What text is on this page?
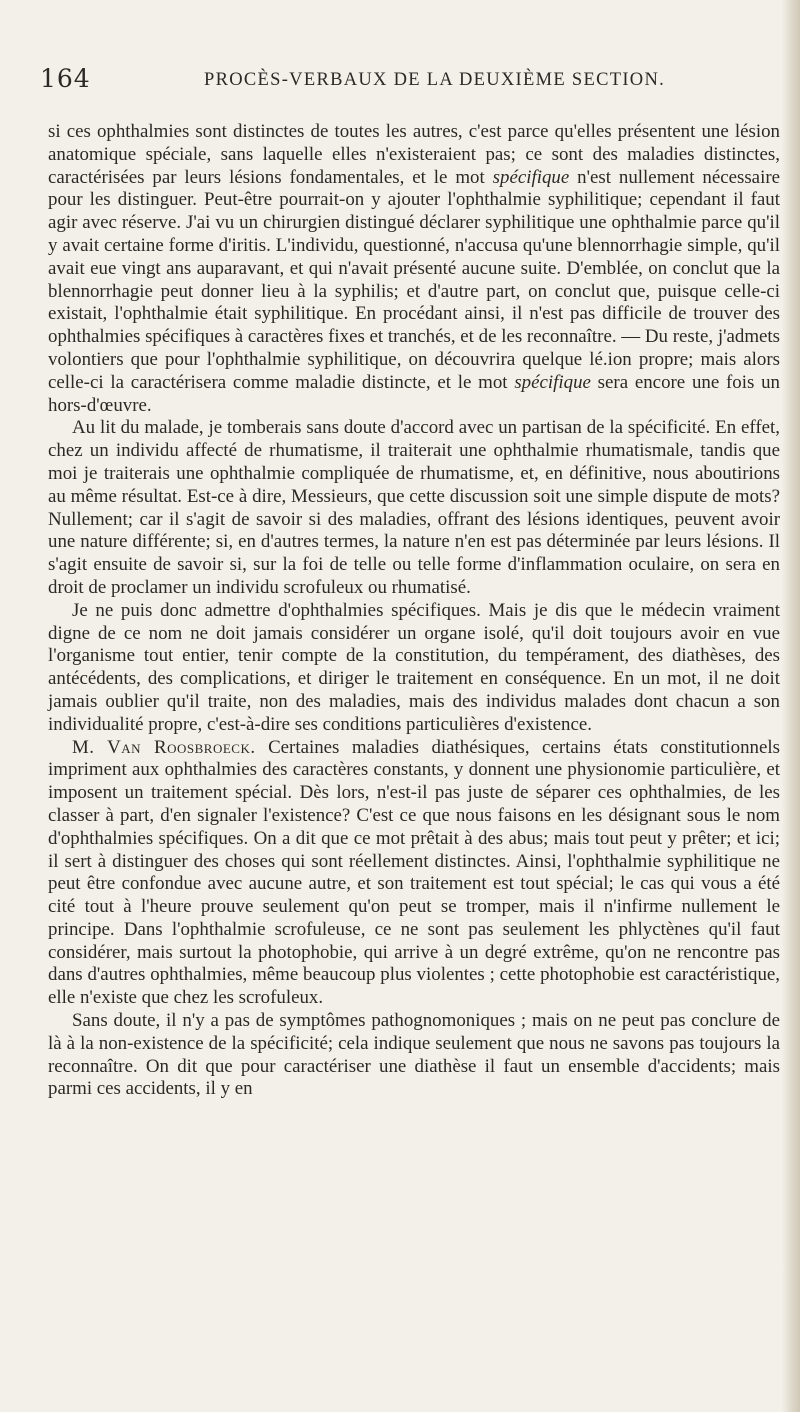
164	PROCÈS-VERBAUX DE LA DEUXIÈME SECTION.

si ces ophthalmies sont distinctes de toutes les autres, c'est parce qu'elles présentent une lésion anatomique spéciale, sans laquelle elles n'existeraient pas; ce sont des maladies distinctes, caractérisées par leurs lésions fondamentales, et le mot spécifique n'est nullement nécessaire pour les distinguer. Peut-être pourrait-on y ajouter l'ophthalmie syphilitique; cependant il faut agir avec réserve. J'ai vu un chirurgien distingué déclarer syphilitique une ophthalmie parce qu'il y avait certaine forme d'iritis. L'individu, questionné, n'accusa qu'une blennorrhagie simple, qu'il avait eue vingt ans auparavant, et qui n'avait présenté aucune suite. D'emblée, on conclut que la blennorrhagie peut donner lieu à la syphilis; et d'autre part, on conclut que, puisque celle-ci existait, l'ophthalmie était syphilitique. En procédant ainsi, il n'est pas difficile de trouver des ophthalmies spécifiques à caractères fixes et tranchés, et de les reconnaître. — Du reste, j'admets volontiers que pour l'ophthalmie syphilitique, on découvrira quelque lé.ion propre; mais alors celle-ci la caractérisera comme maladie distincte, et le mot spécifique sera encore une fois un hors-d'œuvre.

Au lit du malade, je tomberais sans doute d'accord avec un partisan de la spécificité. En effet, chez un individu affecté de rhumatisme, il traiterait une ophthalmie rhumatismale, tandis que moi je traiterais une ophthalmie compliquée de rhumatisme, et, en définitive, nous aboutirions au même résultat. Est-ce à dire, Messieurs, que cette discussion soit une simple dispute de mots? Nullement; car il s'agit de savoir si des maladies, offrant des lésions identiques, peuvent avoir une nature différente; si, en d'autres termes, la nature n'en est pas déterminée par leurs lésions. Il s'agit ensuite de savoir si, sur la foi de telle ou telle forme d'inflammation oculaire, on sera en droit de proclamer un individu scrofuleux ou rhumatisé.

Je ne puis donc admettre d'ophthalmies spécifiques. Mais je dis que le médecin vraiment digne de ce nom ne doit jamais considérer un organe isolé, qu'il doit toujours avoir en vue l'organisme tout entier, tenir compte de la constitution, du tempérament, des diathèses, des antécédents, des complications, et diriger le traitement en conséquence. En un mot, il ne doit jamais oublier qu'il traite, non des maladies, mais des individus malades dont chacun a son individualité propre, c'est-à-dire ses conditions particulières d'existence.

M. Van Roosbroeck. Certaines maladies diathésiques, certains états constitutionnels impriment aux ophthalmies des caractères constants, y donnent une physionomie particulière, et imposent un traitement spécial. Dès lors, n'est-il pas juste de séparer ces ophthalmies, de les classer à part, d'en signaler l'existence? C'est ce que nous faisons en les désignant sous le nom d'ophthalmies spécifiques. On a dit que ce mot prêtait à des abus; mais tout peut y prêter; et ici; il sert à distinguer des choses qui sont réellement distinctes. Ainsi, l'ophthalmie syphilitique ne peut être confondue avec aucune autre, et son traitement est tout spécial; le cas qui vous a été cité tout à l'heure prouve seulement qu'on peut se tromper, mais il n'infirme nullement le principe. Dans l'ophthalmie scrofuleuse, ce ne sont pas seulement les phlyctènes qu'il faut considérer, mais surtout la photophobie, qui arrive à un degré extrême, qu'on ne rencontre pas dans d'autres ophthalmies, même beaucoup plus violentes ; cette photophobie est caractéristique, elle n'existe que chez les scrofuleux.

Sans doute, il n'y a pas de symptômes pathognomoniques ; mais on ne peut pas conclure de là à la non-existence de la spécificité; cela indique seulement que nous ne savons pas toujours la reconnaître. On dit que pour caractériser une diathèse il faut un ensemble d'accidents; mais parmi ces accidents, il y en
